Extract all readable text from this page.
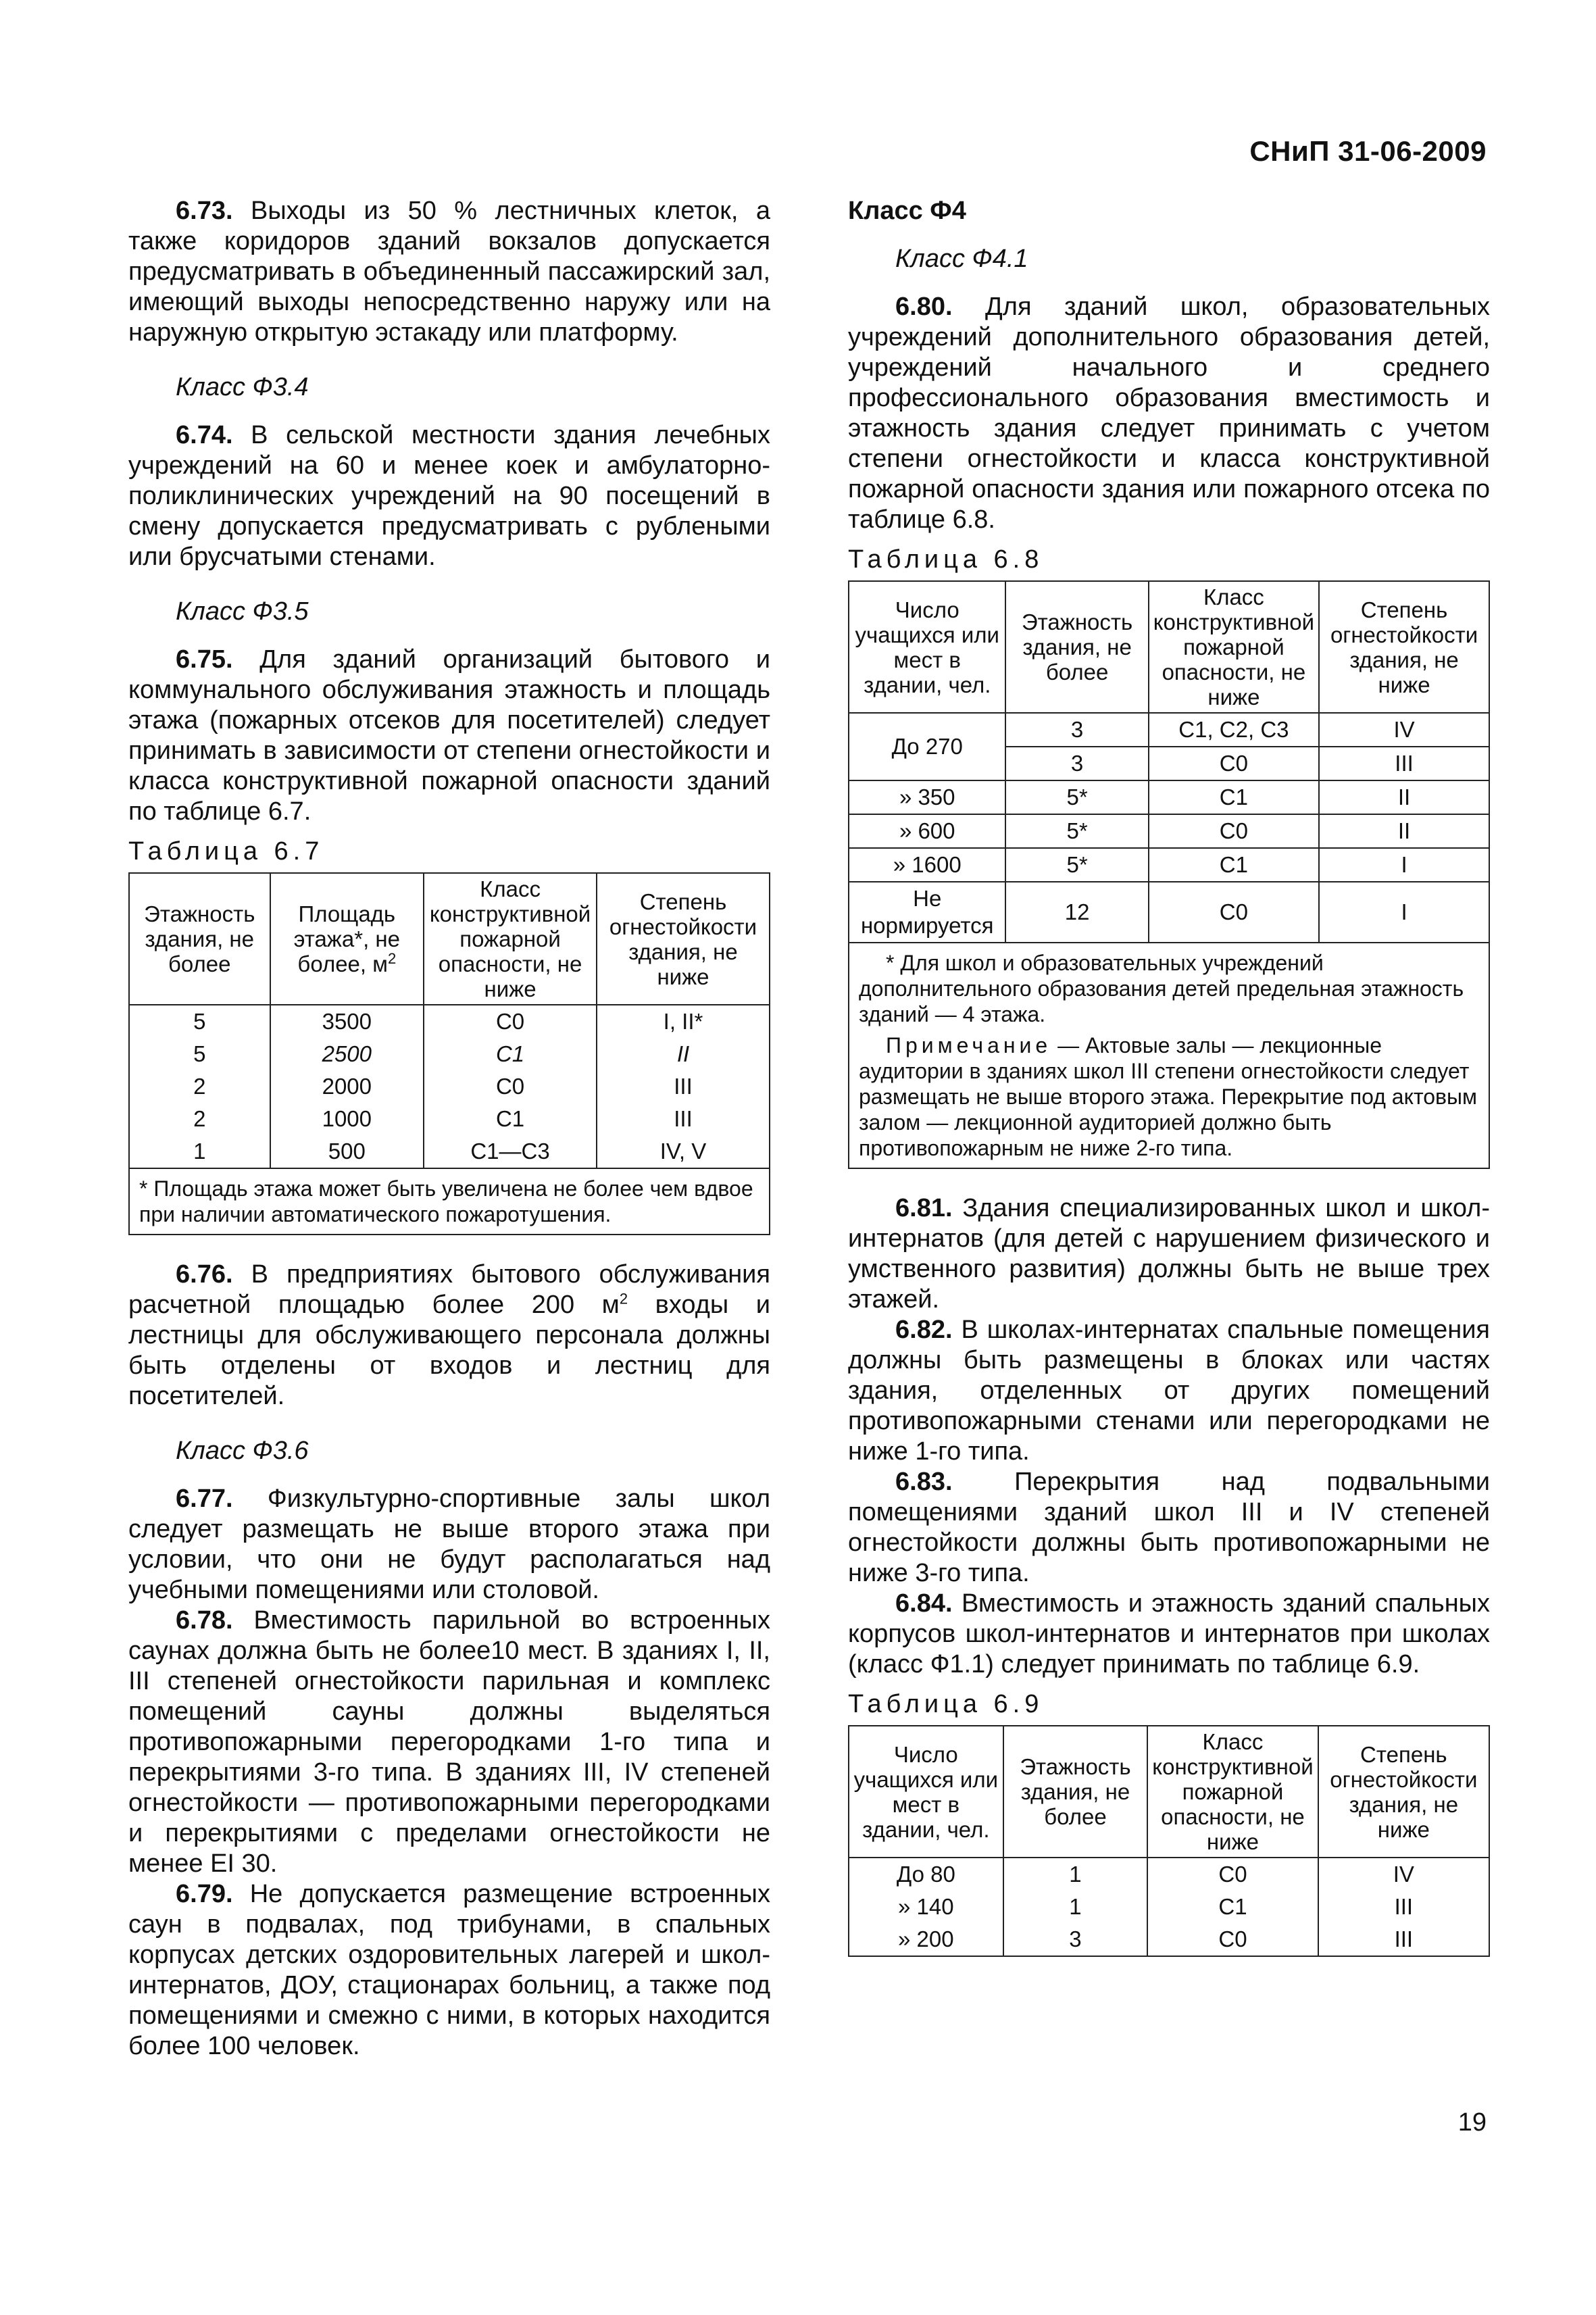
СНиП 31-06-2009

6.73. Выходы из 50 % лестничных клеток, а также коридоров зданий вокзалов допускается предусматривать в объединенный пассажирский зал, имеющий выходы непосредственно наружу или на наружную открытую эстакаду или платформу.

Класс Ф3.4

6.74. В сельской местности здания лечебных учреждений на 60 и менее коек и амбулаторно-поликлинических учреждений на 90 посещений в смену допускается предусматривать с рублеными или брусчатыми стенами.

Класс Ф3.5

6.75. Для зданий организаций бытового и коммунального обслуживания этажность и площадь этажа (пожарных отсеков для посетителей) следует принимать в зависимости от степени огнестойкости и класса конструктивной пожарной опасности зданий по таблице 6.7.

Таблица 6.7

Этажность здания, не более	Площадь этажа*, не более, $м^2$	Класс конструктивной пожарной опасности, не ниже	Степень огнестойкости здания, не ниже
5	3500	С0	I, II*
5	2500	С1	II
2	2000	С0	III
2	1000	С1	III
1	500	С1—С3	IV, V
* Площадь этажа может быть увеличена не более чем вдвое при наличии автоматического пожаротушения.			

6.76. В предприятиях бытового обслуживания расчетной площадью более 200 $м^2$ входы и лестницы для обслуживающего персонала должны быть отделены от входов и лестниц для посетителей.

Класс Ф3.6

6.77. Физкультурно-спортивные залы школ следует размещать не выше второго этажа при условии, что они не будут располагаться над учебными помещениями или столовой.

6.78. Вместимость парильной во встроенных саунах должна быть не более10 мест. В зданиях I, II, III степеней огнестойкости парильная и комплекс помещений сауны должны выделяться противопожарными перегородками 1-го типа и перекрытиями 3-го типа. В зданиях III, IV степеней огнестойкости — противопожарными перегородками и перекрытиями с пределами огнестойкости не менее EI 30.

6.79. Не допускается размещение встроенных саун в подвалах, под трибунами, в спальных корпусах детских оздоровительных лагерей и школ-интернатов, ДОУ, стационарах больниц, а также под помещениями и смежно с ними, в которых находится более 100 человек.

Класс Ф4

Класс Ф4.1

6.80. Для зданий школ, образовательных учреждений дополнительного образования детей, учреждений начального и среднего профессионального образования вместимость и этажность здания следует принимать с учетом степени огнестойкости и класса конструктивной пожарной опасности здания или пожарного отсека по таблице 6.8.

Таблица 6.8

Число учащихся или мест в здании, чел.	Этажность здания, не более	Класс конструктивной пожарной опасности, не ниже	Степень огнестойкости здания, не ниже
До 270	3	С1, С2, С3	IV
	3	С0	III
» 350	5*	С1	II
» 600	5*	С0	II
» 1600	5*	С1	I
Не нормируется	12	С0	I

* Для школ и образовательных учреждений дополнительного образования детей предельная этажность зданий — 4 этажа.
Примечание — Актовые залы — лекционные аудитории в зданиях школ III степени огнестойкости следует размещать не выше второго этажа. Перекрытие под актовым залом — лекционной аудиторией должно быть противопожарным не ниже 2-го типа.			

6.81. Здания специализированных школ и школ-интернатов (для детей с нарушением физического и умственного развития) должны быть не выше трех этажей.

6.82. В школах-интернатах спальные помещения должны быть размещены в блоках или частях здания, отделенных от других помещений противопожарными стенами или перегородками не ниже 1-го типа.

6.83. Перекрытия над подвальными помещениями зданий школ III и IV степеней огнестойкости должны быть противопожарными не ниже 3-го типа.

6.84. Вместимость и этажность зданий спальных корпусов школ-интернатов и интернатов при школах (класс Ф1.1) следует принимать по таблице 6.9.

Таблица 6.9

Число учащихся или мест в здании, чел.	Этажность здания, не более	Класс конструктивной пожарной опасности, не ниже	Степень огнестойкости здания, не ниже
До 80	1	С0	IV
» 140	1	С1	III
» 200	3	С0	III
19
